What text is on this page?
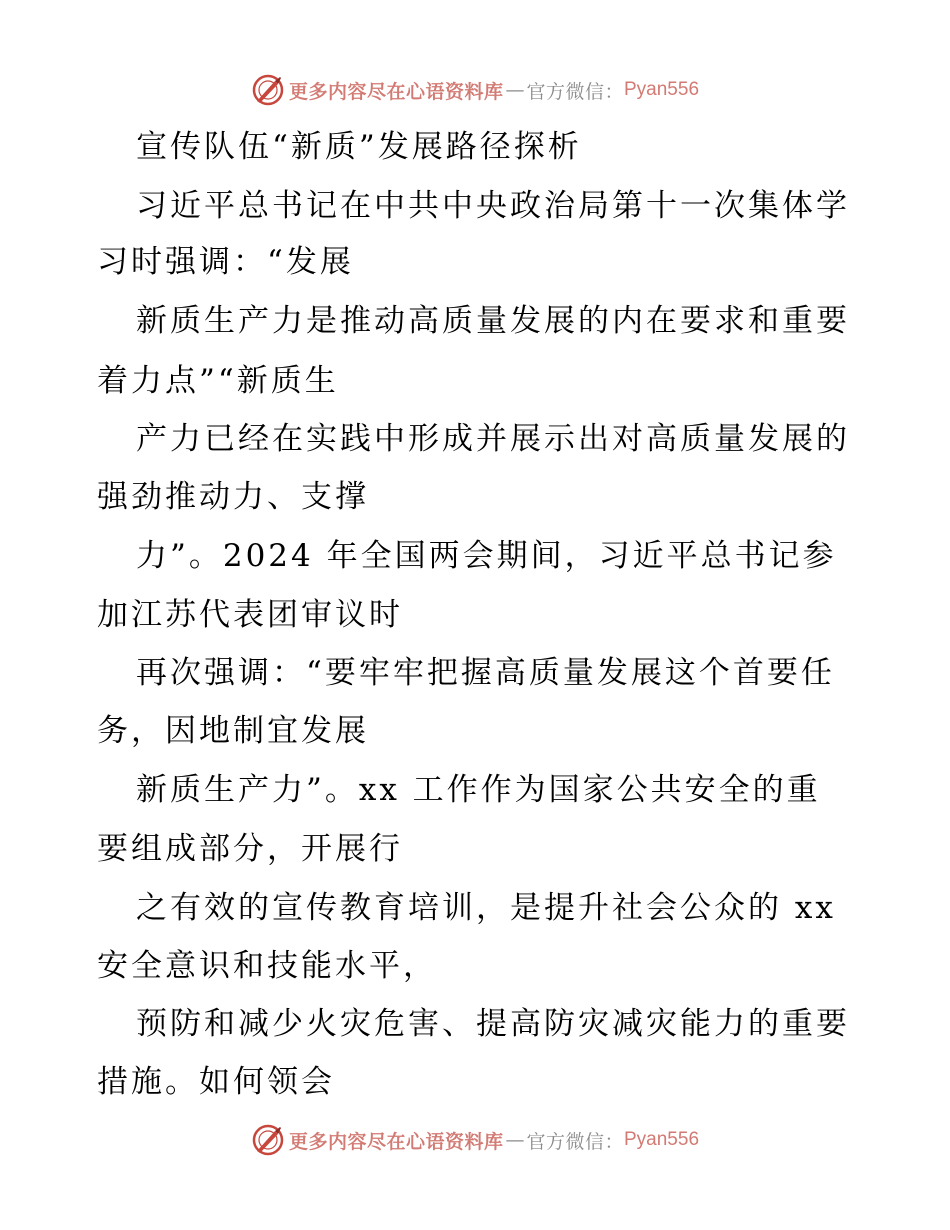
更多内容尽在心语资料库 — 官方微信： Pyan556
宣传队伍“新质”发展路径探析
习近平总书记在中共中央政治局第十一次集体学
习时强调：“发展
新质生产力是推动高质量发展的内在要求和重要
着力点”“新质生
产力已经在实践中形成并展示出对高质量发展的
强劲推动力、支撑
力”。2024 年全国两会期间，习近平总书记参
加江苏代表团审议时
再次强调：“要牢牢把握高质量发展这个首要任
务，因地制宜发展
新质生产力”。xx 工作作为国家公共安全的重
要组成部分，开展行
之有效的宣传教育培训，是提升社会公众的 xx
安全意识和技能水平，
预防和减少火灾危害、提高防灾减灾能力的重要
措施。如何领会
更多内容尽在心语资料库 — 官方微信： Pyan556
